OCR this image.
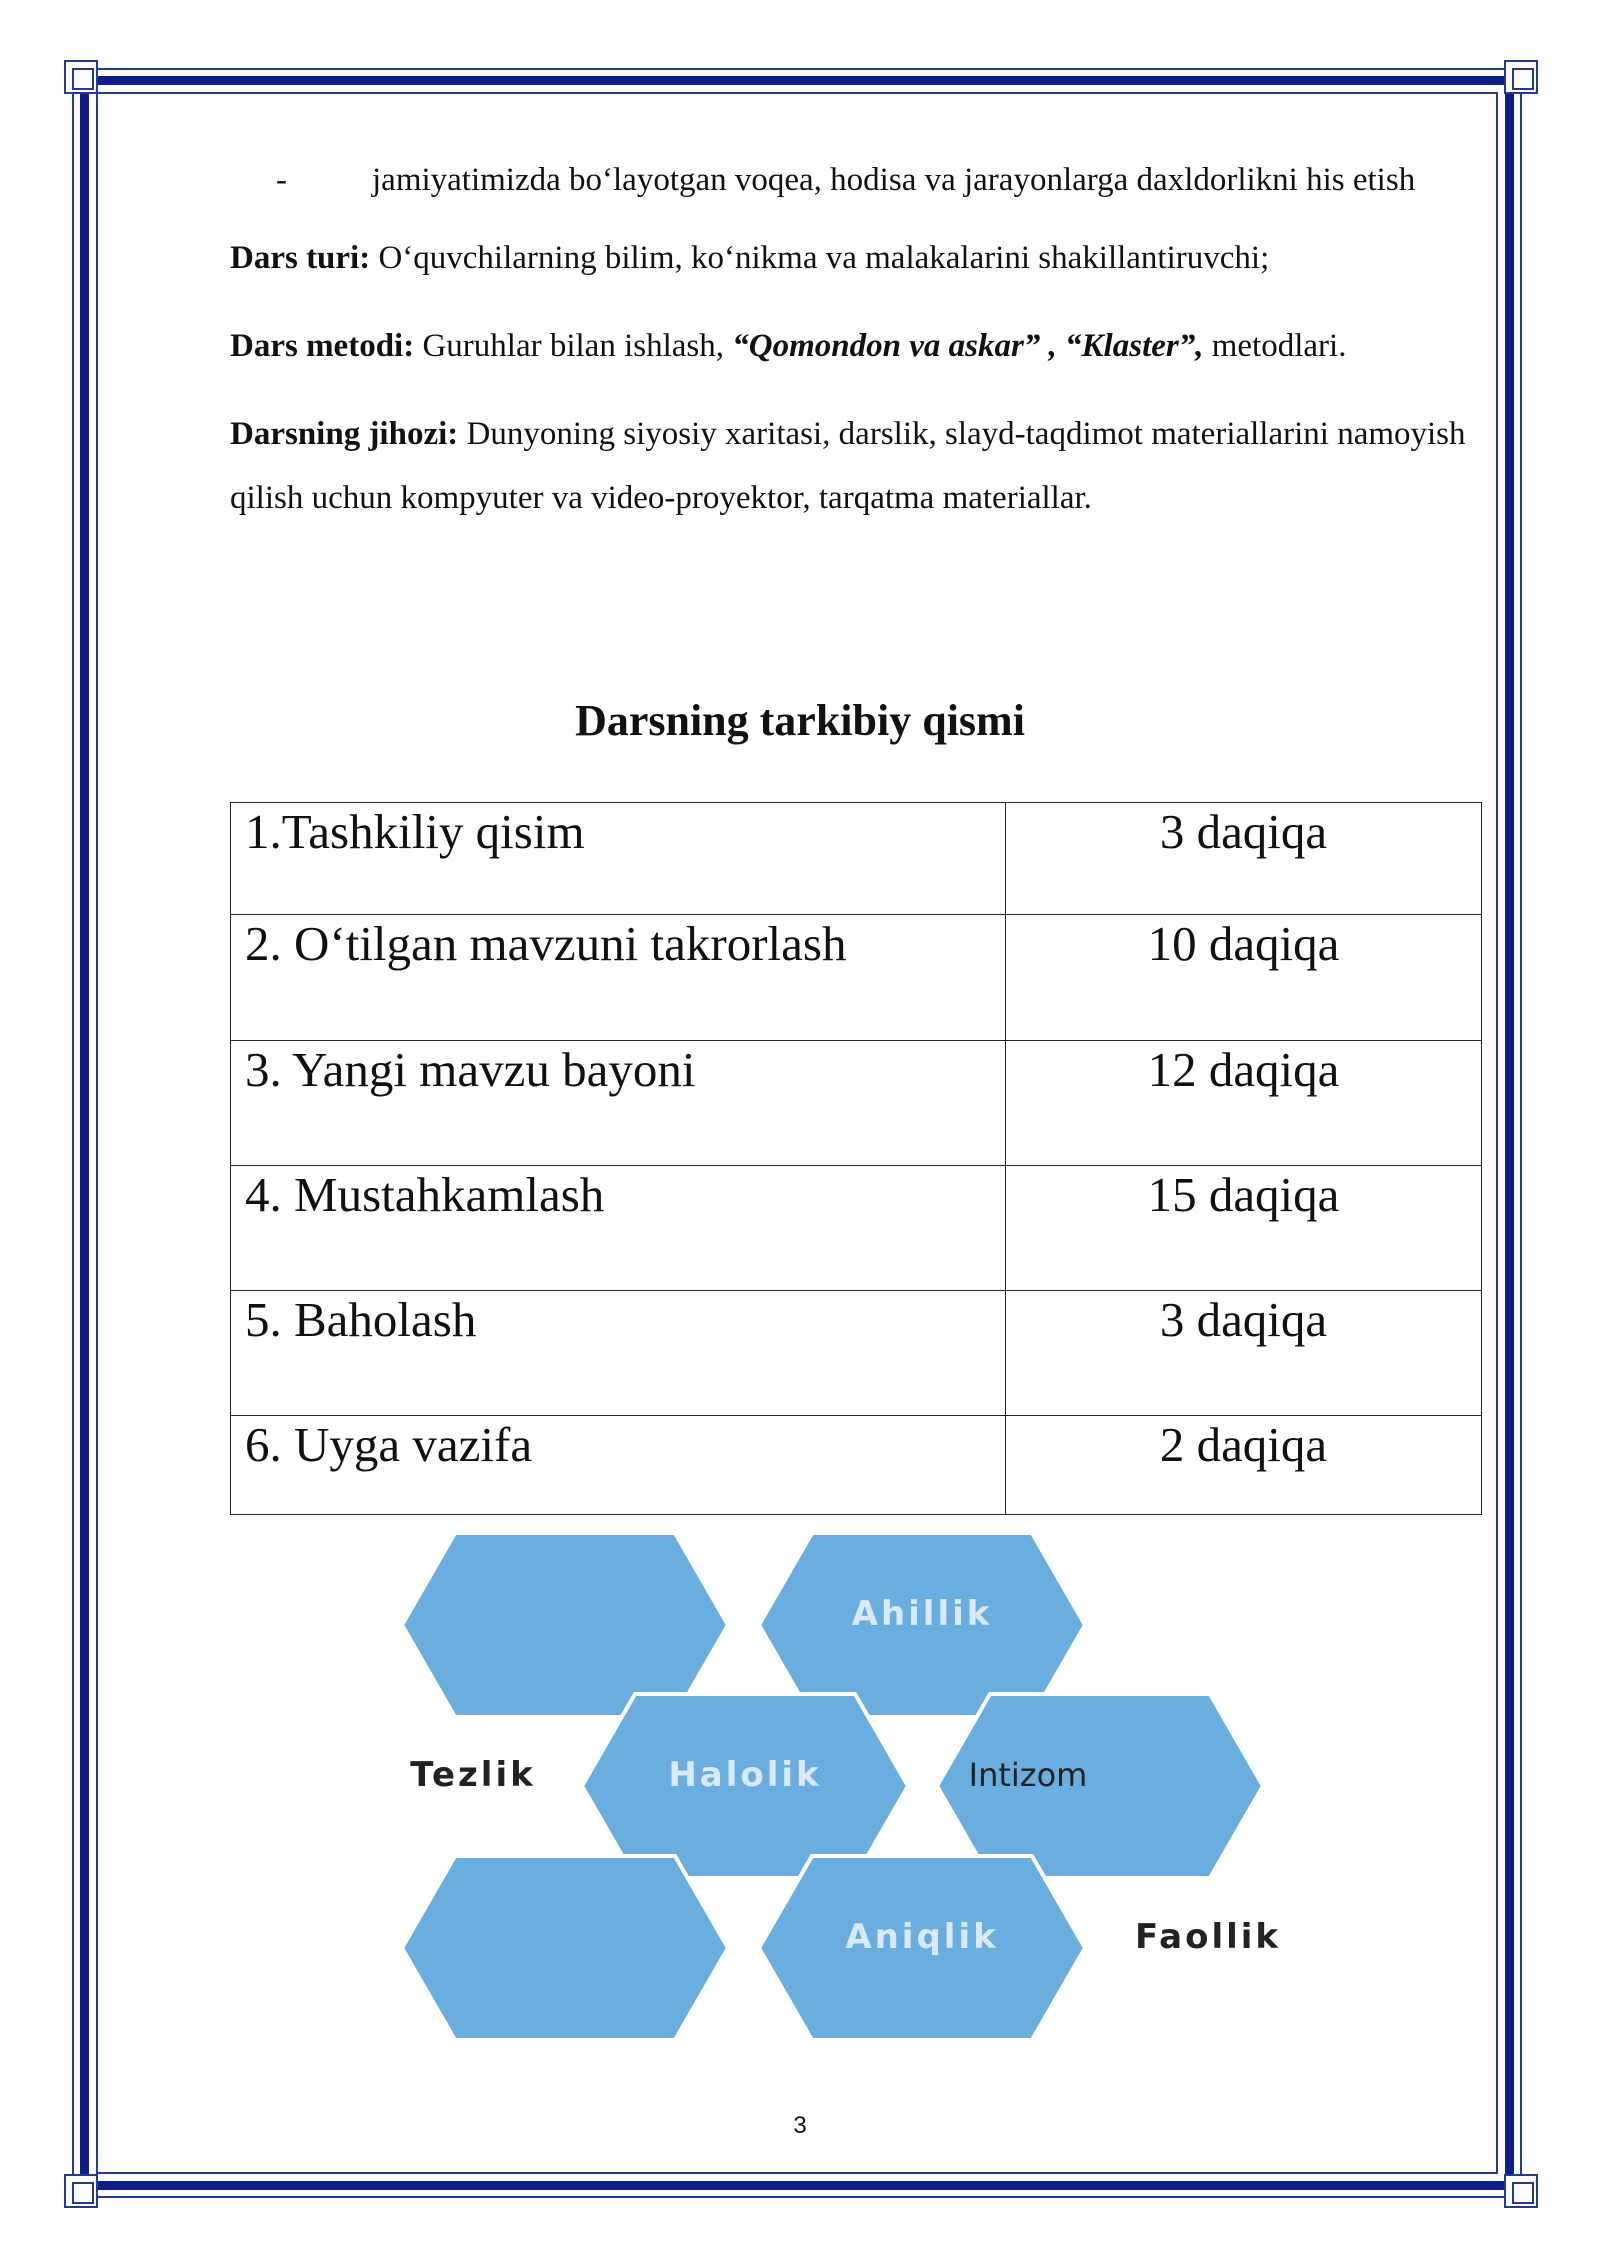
-	jamiyatimizda bo‘layotgan voqea, hodisa va jarayonlarga daxldorlikni his etish

Dars turi: O‘quvchilarning bilim, ko‘nikma va malakalarini shakillantiruvchi;

Dars metodi: Guruhlar bilan ishlash, “Qomondon va askar” , “Klaster”, metodlari.

Darsning jihozi: Dunyoning siyosiy xaritasi, darslik, slayd-taqdimot materiallarini namoyish qilish uchun kompyuter va video-proyektor, tarqatma materiallar.

Darsning tarkibiy qismi
1.Tashkiliy qisim	3 daqiqa
2. O‘tilgan mavzuni takrorlash	10 daqiqa
3. Yangi mavzu bayoni	12 daqiqa
4. Mustahkamlash	15 daqiqa
5. Baholash	3 daqiqa
6. Uyga vazifa	2 daqiqa
Ahillik
Halolik	Intizom
Aniqlik
Tezlik
Faollik
3
